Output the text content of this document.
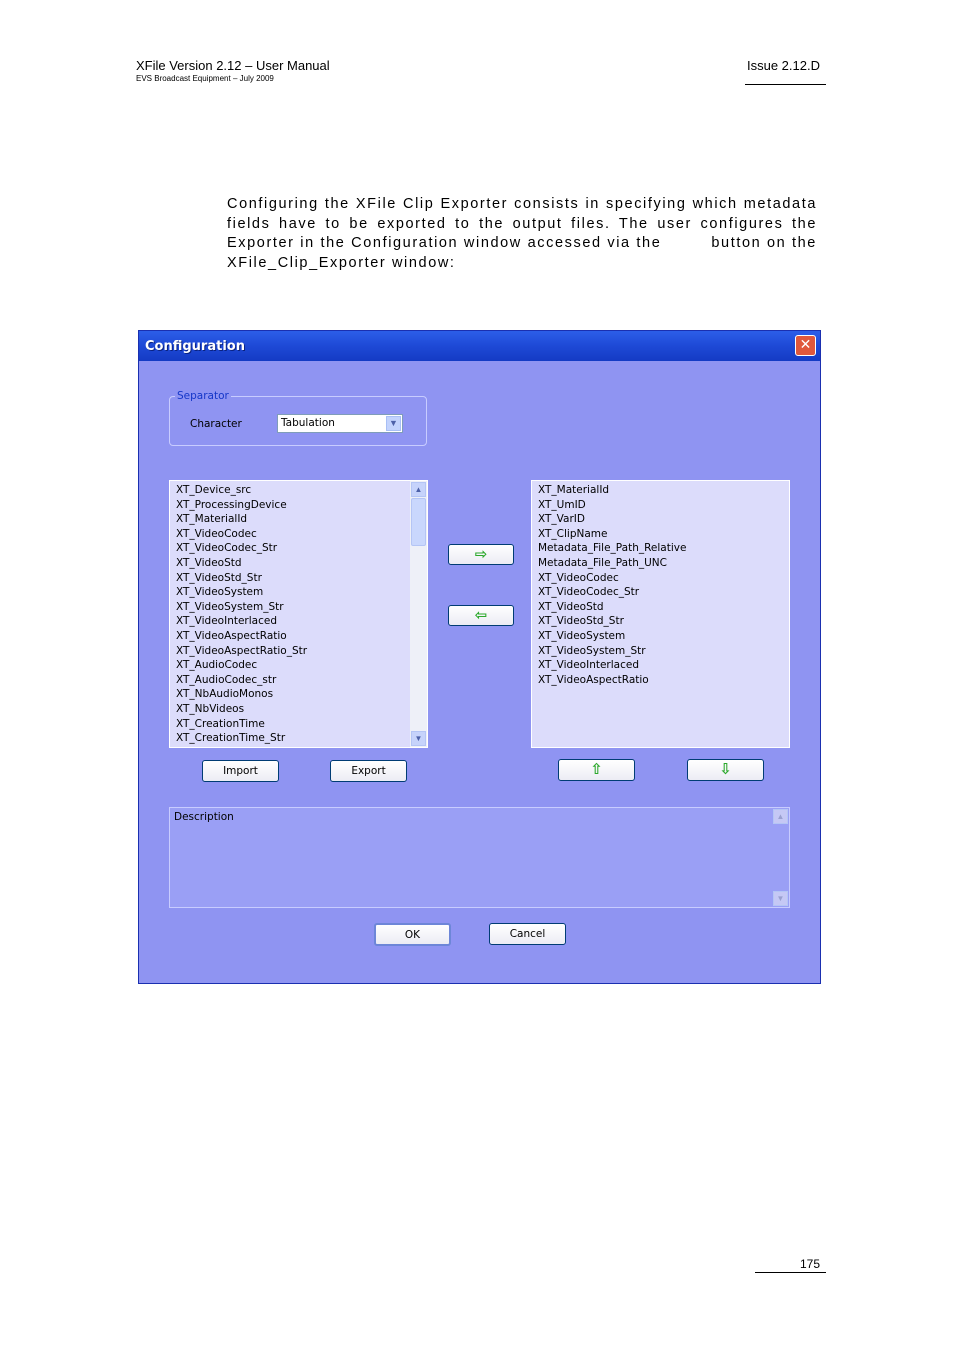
XFile Version 2.12 – User Manual
EVS Broadcast Equipment – July 2009
Issue 2.12.D
Configuring the XFile Clip Exporter consists in specifying which metadata fields have to be exported to the output files. The user configures the Exporter in the Configuration window accessed via the	button on the XFile_Clip_Exporter window:
Configuration	✕
Separator
Character	Tabulation	▼
XT_Device_src
XT_ProcessingDevice
XT_MaterialId
XT_VideoCodec
XT_VideoCodec_Str
XT_VideoStd
XT_VideoStd_Str
XT_VideoSystem
XT_VideoSystem_Str
XT_VideoInterlaced
XT_VideoAspectRatio
XT_VideoAspectRatio_Str
XT_AudioCodec
XT_AudioCodec_str
XT_NbAudioMonos
XT_NbVideos
XT_CreationTime
XT_CreationTime_Str
▲
▼
⇨
⇦
XT_MaterialId
XT_UmID
XT_VarID
XT_ClipName
Metadata_File_Path_Relative
Metadata_File_Path_UNC
XT_VideoCodec
XT_VideoCodec_Str
XT_VideoStd
XT_VideoStd_Str
XT_VideoSystem
XT_VideoSystem_Str
XT_VideoInterlaced
XT_VideoAspectRatio
Import	Export	⇧	⇩
Description	▲
▼
OK	Cancel
175
